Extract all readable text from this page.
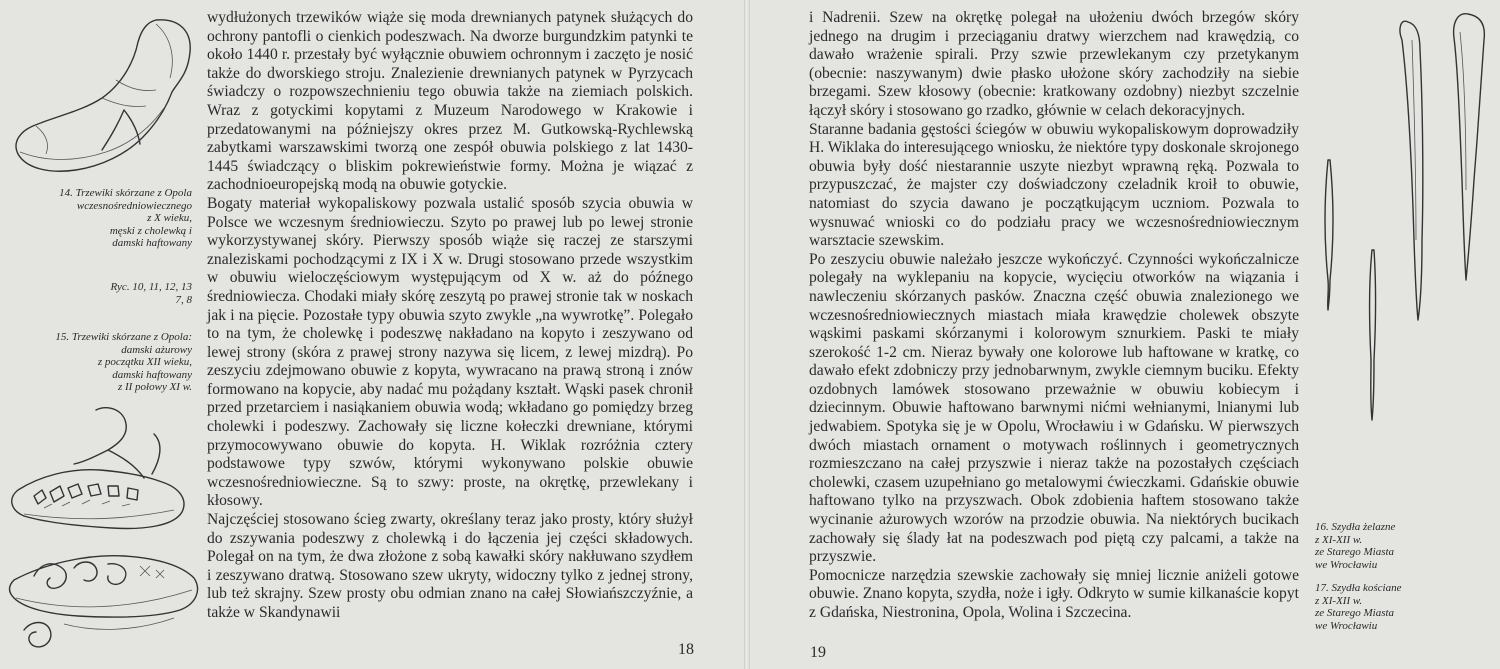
14. Trzewiki skórzane z Opola
wczesnośredniowiecznego
z X wieku,
męski z cholewką i
damski haftowany
Ryc. 10, 11, 12, 13
7, 8
15. Trzewiki skórzane z Opola:
damski ażurowy
z początku XII wieku,
damski haftowany
z II połowy XI w.

wydłużonych trzewików wiąże się moda drewnianych patynek służących do ochrony pantofli o cienkich podeszwach. Na dworze burgundzkim patynki te około 1440 r. przestały być wyłącznie obuwiem ochronnym i zaczęto je nosić także do dworskiego stroju. Znalezienie drewnianych patynek w Pyrzycach świadczy o rozpowszechnieniu tego obuwia także na ziemiach polskich. Wraz z gotyckimi kopytami z Muzeum Narodowego w Krakowie i przedatowanymi na późniejszy okres przez M. Gutkowską-Rychlewską zabytkami warszawskimi tworzą one zespół obuwia polskiego z lat 1430-1445 świadczący o bliskim pokrewieństwie formy. Można je wiązać z zachodnioeuropejską modą na obuwie gotyckie.

Bogaty materiał wykopaliskowy pozwala ustalić sposób szycia obuwia w Polsce we wczesnym średniowieczu. Szyto po prawej lub po lewej stronie wykorzystywanej skóry. Pierwszy sposób wiąże się raczej ze starszymi znaleziskami pochodzącymi z IX i X w. Drugi stosowano przede wszystkim w obuwiu wieloczęściowym występującym od X w. aż do późnego średniowiecza. Chodaki miały skórę zeszytą po prawej stronie tak w noskach jak i na pięcie. Pozostałe typy obuwia szyto zwykle „na wywrotkę”. Polegało to na tym, że cholewkę i podeszwę nakładano na kopyto i zeszywano od lewej strony (skóra z prawej strony nazywa się licem, z lewej mizdrą). Po zeszyciu zdejmowano obuwie z kopyta, wywracano na prawą stroną i znów formowano na kopycie, aby nadać mu pożądany kształt. Wąski pasek chronił przed przetarciem i nasiąkaniem obuwia wodą; wkładano go pomiędzy brzeg cholewki i podeszwy. Zachowały się liczne kołeczki drewniane, którymi przymocowywano obuwie do kopyta. H. Wiklak rozróżnia cztery podstawowe typy szwów, którymi wykonywano polskie obuwie wczesnośredniowieczne. Są to szwy: proste, na okrętkę, przewlekany i kłosowy.

Najczęściej stosowano ścieg zwarty, określany teraz jako prosty, który służył do zszywania podeszwy z cholewką i do łączenia jej części składowych. Polegał on na tym, że dwa złożone z sobą kawałki skóry nakłuwano szydłem i zeszywano dratwą. Stosowano szew ukryty, widoczny tylko z jednej strony, lub też skrajny. Szew prosty obu odmian znano na całej Słowiańszczyźnie, a także w Skandynawii

18

i Nadrenii. Szew na okrętkę polegał na ułożeniu dwóch brzegów skóry jednego na drugim i przeciąganiu dratwy wierzchem nad krawędzią, co dawało wrażenie spirali. Przy szwie przewlekanym czy przetykanym (obecnie: naszywanym) dwie płasko ułożone skóry zachodziły na siebie brzegami. Szew kłosowy (obecnie: kratkowany ozdobny) niezbyt szczelnie łączył skóry i stosowano go rzadko, głównie w celach dekoracyjnych.

Staranne badania gęstości ściegów w obuwiu wykopaliskowym doprowadziły H. Wiklaka do interesującego wniosku, że niektóre typy doskonale skrojonego obuwia były dość niestarannie uszyte niezbyt wprawną ręką. Pozwala to przypuszczać, że majster czy doświadczony czeladnik kroił to obuwie, natomiast do szycia dawano je początkującym uczniom. Pozwala to wysnuwać wnioski co do podziału pracy we wczesnośredniowiecznym warsztacie szewskim.

Po zeszyciu obuwie należało jeszcze wykończyć. Czynności wykończalnicze polegały na wyklepaniu na kopycie, wycięciu otworków na wiązania i nawleczeniu skórzanych pasków. Znaczna część obuwia znalezionego we wczesnośredniowiecznych miastach miała krawędzie cholewek obszyte wąskimi paskami skórzanymi i kolorowym sznurkiem. Paski te miały szerokość 1-2 cm. Nieraz bywały one kolorowe lub haftowane w kratkę, co dawało efekt zdobniczy przy jednobarwnym, zwykle ciemnym buciku. Efekty ozdobnych lamówek stosowano przeważnie w obuwiu kobiecym i dziecinnym. Obuwie haftowano barwnymi nićmi wełnianymi, lnianymi lub jedwabiem. Spotyka się je w Opolu, Wrocławiu i w Gdańsku. W pierwszych dwóch miastach ornament o motywach roślinnych i geometrycznych rozmieszczano na całej przyszwie i nieraz także na pozostałych częściach cholewki, czasem uzupełniano go metalowymi ćwieczkami. Gdańskie obuwie haftowano tylko na przyszwach. Obok zdobienia haftem stosowano także wycinanie ażurowych wzorów na przodzie obuwia. Na niektórych bucikach zachowały się ślady łat na podeszwach pod piętą czy palcami, a także na przyszwie.

Pomocnicze narzędzia szewskie zachowały się mniej licznie aniżeli gotowe obuwie. Znano kopyta, szydła, noże i igły. Odkryto w sumie kilkanaście kopyt z Gdańska, Niestronina, Opola, Wolina i Szczecina.

16. Szydła żelazne
z XI-XII w.
ze Starego Miasta
we Wrocławiu
17. Szydła kościane
z XI-XII w.
ze Starego Miasta
we Wrocławiu
19
